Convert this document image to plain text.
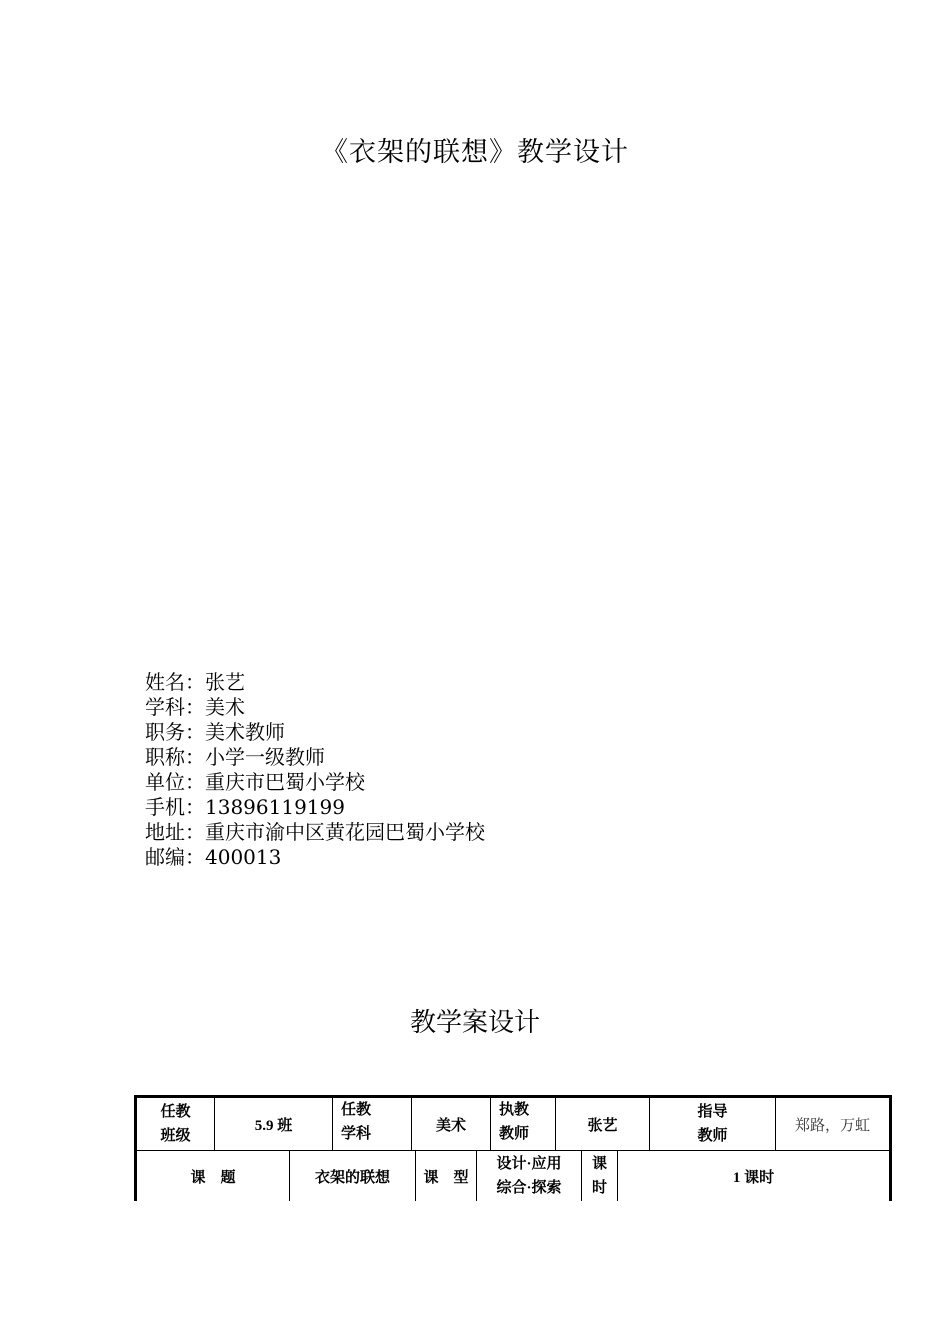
《衣架的联想》教学设计
姓名：张艺
学科：美术
职务：美术教师
职称：小学一级教师
单位：重庆市巴蜀小学校
手机：13896119199
地址：重庆市渝中区黄花园巴蜀小学校
邮编：400013
教学案设计
任教
班级
5.9 班
任教
学科
美术
执教
教师
张艺
指导
教师
郑路，万虹
课　题	衣架的联想 课　型
设计·应用
综合·探索
课
时
1 课时
